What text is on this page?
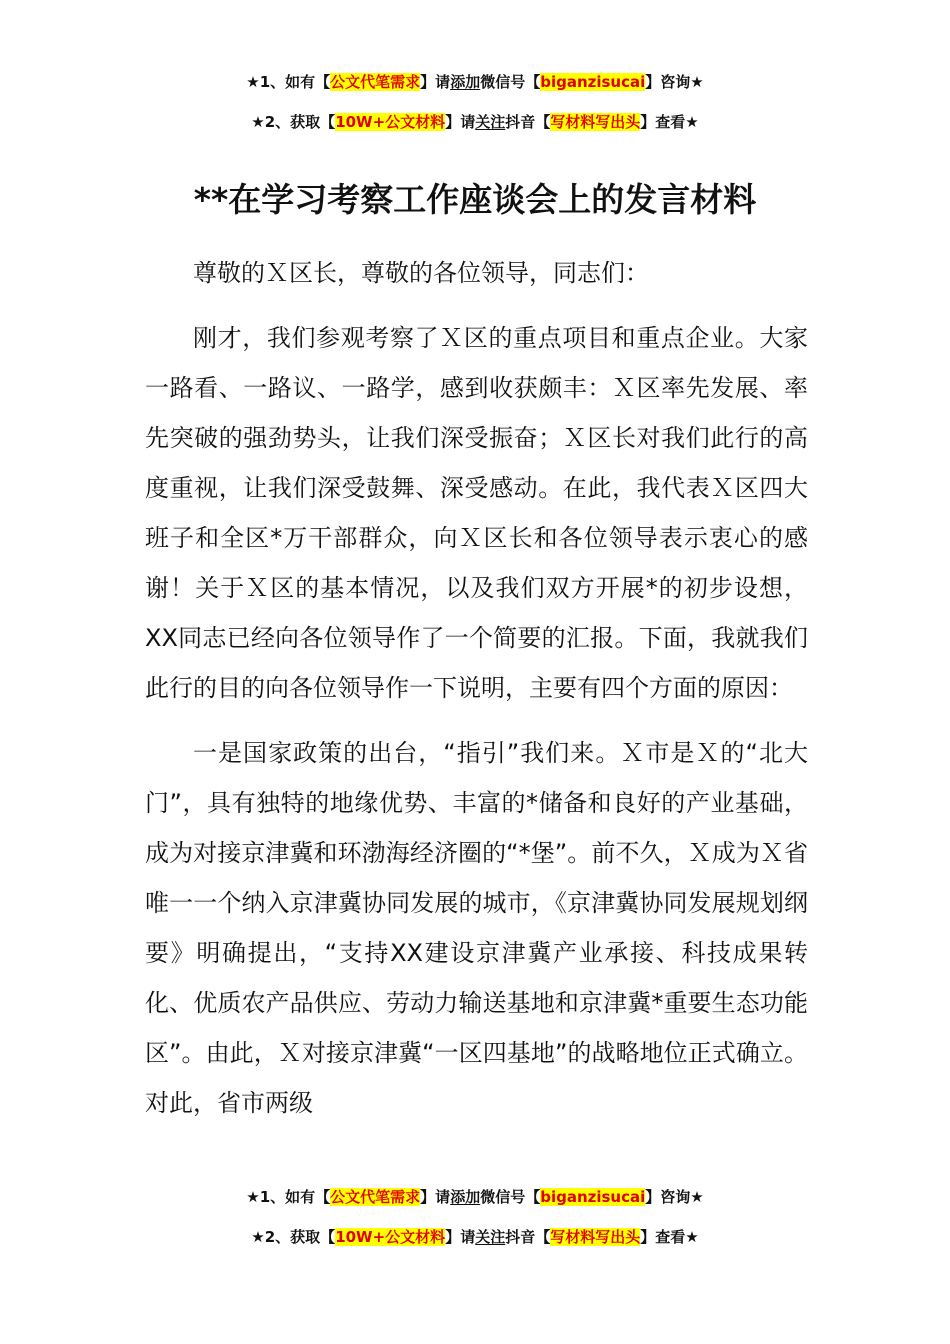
★1、如有【公文代笔需求】请添加微信号【biganzisucai】咨询★
★2、获取【10W+公文材料】请关注抖音【写材料写出头】查看★
**在学习考察工作座谈会上的发言材料

尊敬的Ｘ区长，尊敬的各位领导，同志们：

刚才，我们参观考察了Ｘ区的重点项目和重点企业。大家一路看、一路议、一路学，感到收获颇丰：Ｘ区率先发展、率先突破的强劲势头，让我们深受振奋；Ｘ区长对我们此行的高度重视，让我们深受鼓舞、深受感动。在此，我代表Ｘ区四大班子和全区*万干部群众，向Ｘ区长和各位领导表示衷心的感谢！关于Ｘ区的基本情况，以及我们双方开展*的初步设想，XX同志已经向各位领导作了一个简要的汇报。下面，我就我们此行的目的向各位领导作一下说明，主要有四个方面的原因：

一是国家政策的出台，“指引”我们来。Ｘ市是Ｘ的“北大门”，具有独特的地缘优势、丰富的*储备和良好的产业基础，成为对接京津冀和环渤海经济圈的“*堡”。前不久，Ｘ成为Ｘ省唯一一个纳入京津冀协同发展的城市，《京津冀协同发展规划纲要》明确提出，“支持XX建设京津冀产业承接、科技成果转化、优质农产品供应、劳动力输送基地和京津冀*重要生态功能区”。由此，Ｘ对接京津冀“一区四基地”的战略地位正式确立。对此，省市两级

★1、如有【公文代笔需求】请添加微信号【biganzisucai】咨询★
★2、获取【10W+公文材料】请关注抖音【写材料写出头】查看★
